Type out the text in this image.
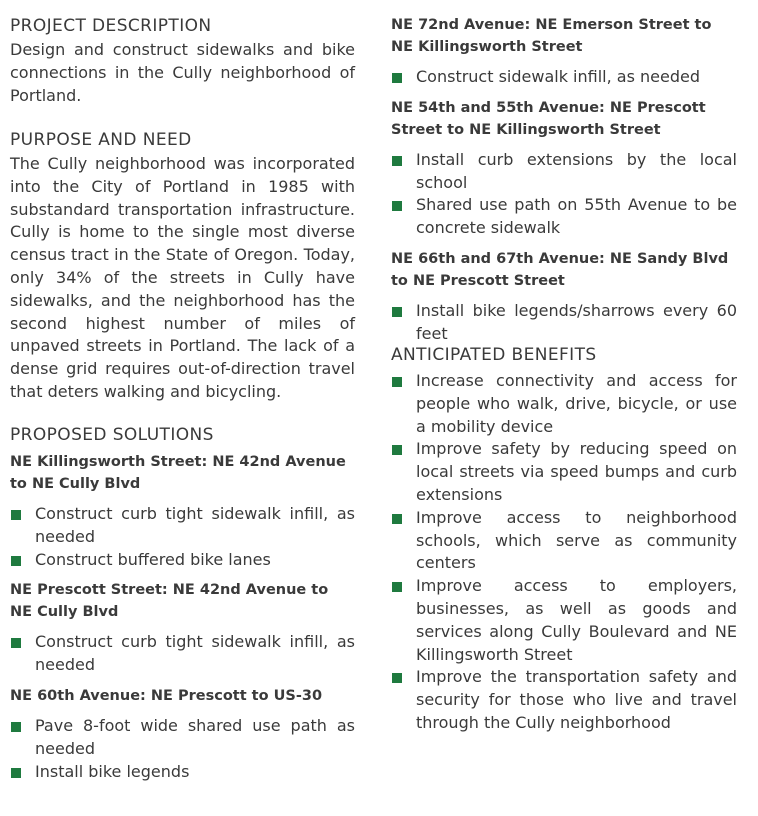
PROJECT DESCRIPTION

Design and construct sidewalks and bike connections in the Cully neighborhood of Portland.

PURPOSE AND NEED

The Cully neighborhood was incorporated into the City of Portland in 1985 with substandard transportation infrastructure. Cully is home to the single most diverse census tract in the State of Oregon. Today, only 34% of the streets in Cully have sidewalks, and the neighborhood has the second highest number of miles of unpaved streets in Portland. The lack of a dense grid requires out-of-direction travel that deters walking and bicycling.

PROPOSED SOLUTIONS
NE Killingsworth Street: NE 42nd Avenue to NE Cully Blvd
Construct curb tight sidewalk infill, as needed
Construct buffered bike lanes
NE Prescott Street: NE 42nd Avenue to NE Cully Blvd
Construct curb tight sidewalk infill, as needed
NE 60th Avenue: NE Prescott to US-30
Pave 8-foot wide shared use path as needed
Install bike legends
NE 72nd Avenue: NE Emerson Street to NE Killingsworth Street
Construct sidewalk infill, as needed
NE 54th and 55th Avenue: NE Prescott Street to NE Killingsworth Street
Install curb extensions by the local school
Shared use path on 55th Avenue to be concrete sidewalk
NE 66th and 67th Avenue: NE Sandy Blvd to NE Prescott Street
Install bike legends/sharrows every 60 feet
ANTICIPATED BENEFITS
Increase connectivity and access for people who walk, drive, bicycle, or use a mobility device
Improve safety by reducing speed on local streets via speed bumps and curb extensions
Improve access to neighborhood schools, which serve as community centers
Improve access to employers, businesses, as well as goods and services along Cully Boulevard and NE Killingsworth Street
Improve the transportation safety and security for those who live and travel through the Cully neighborhood
